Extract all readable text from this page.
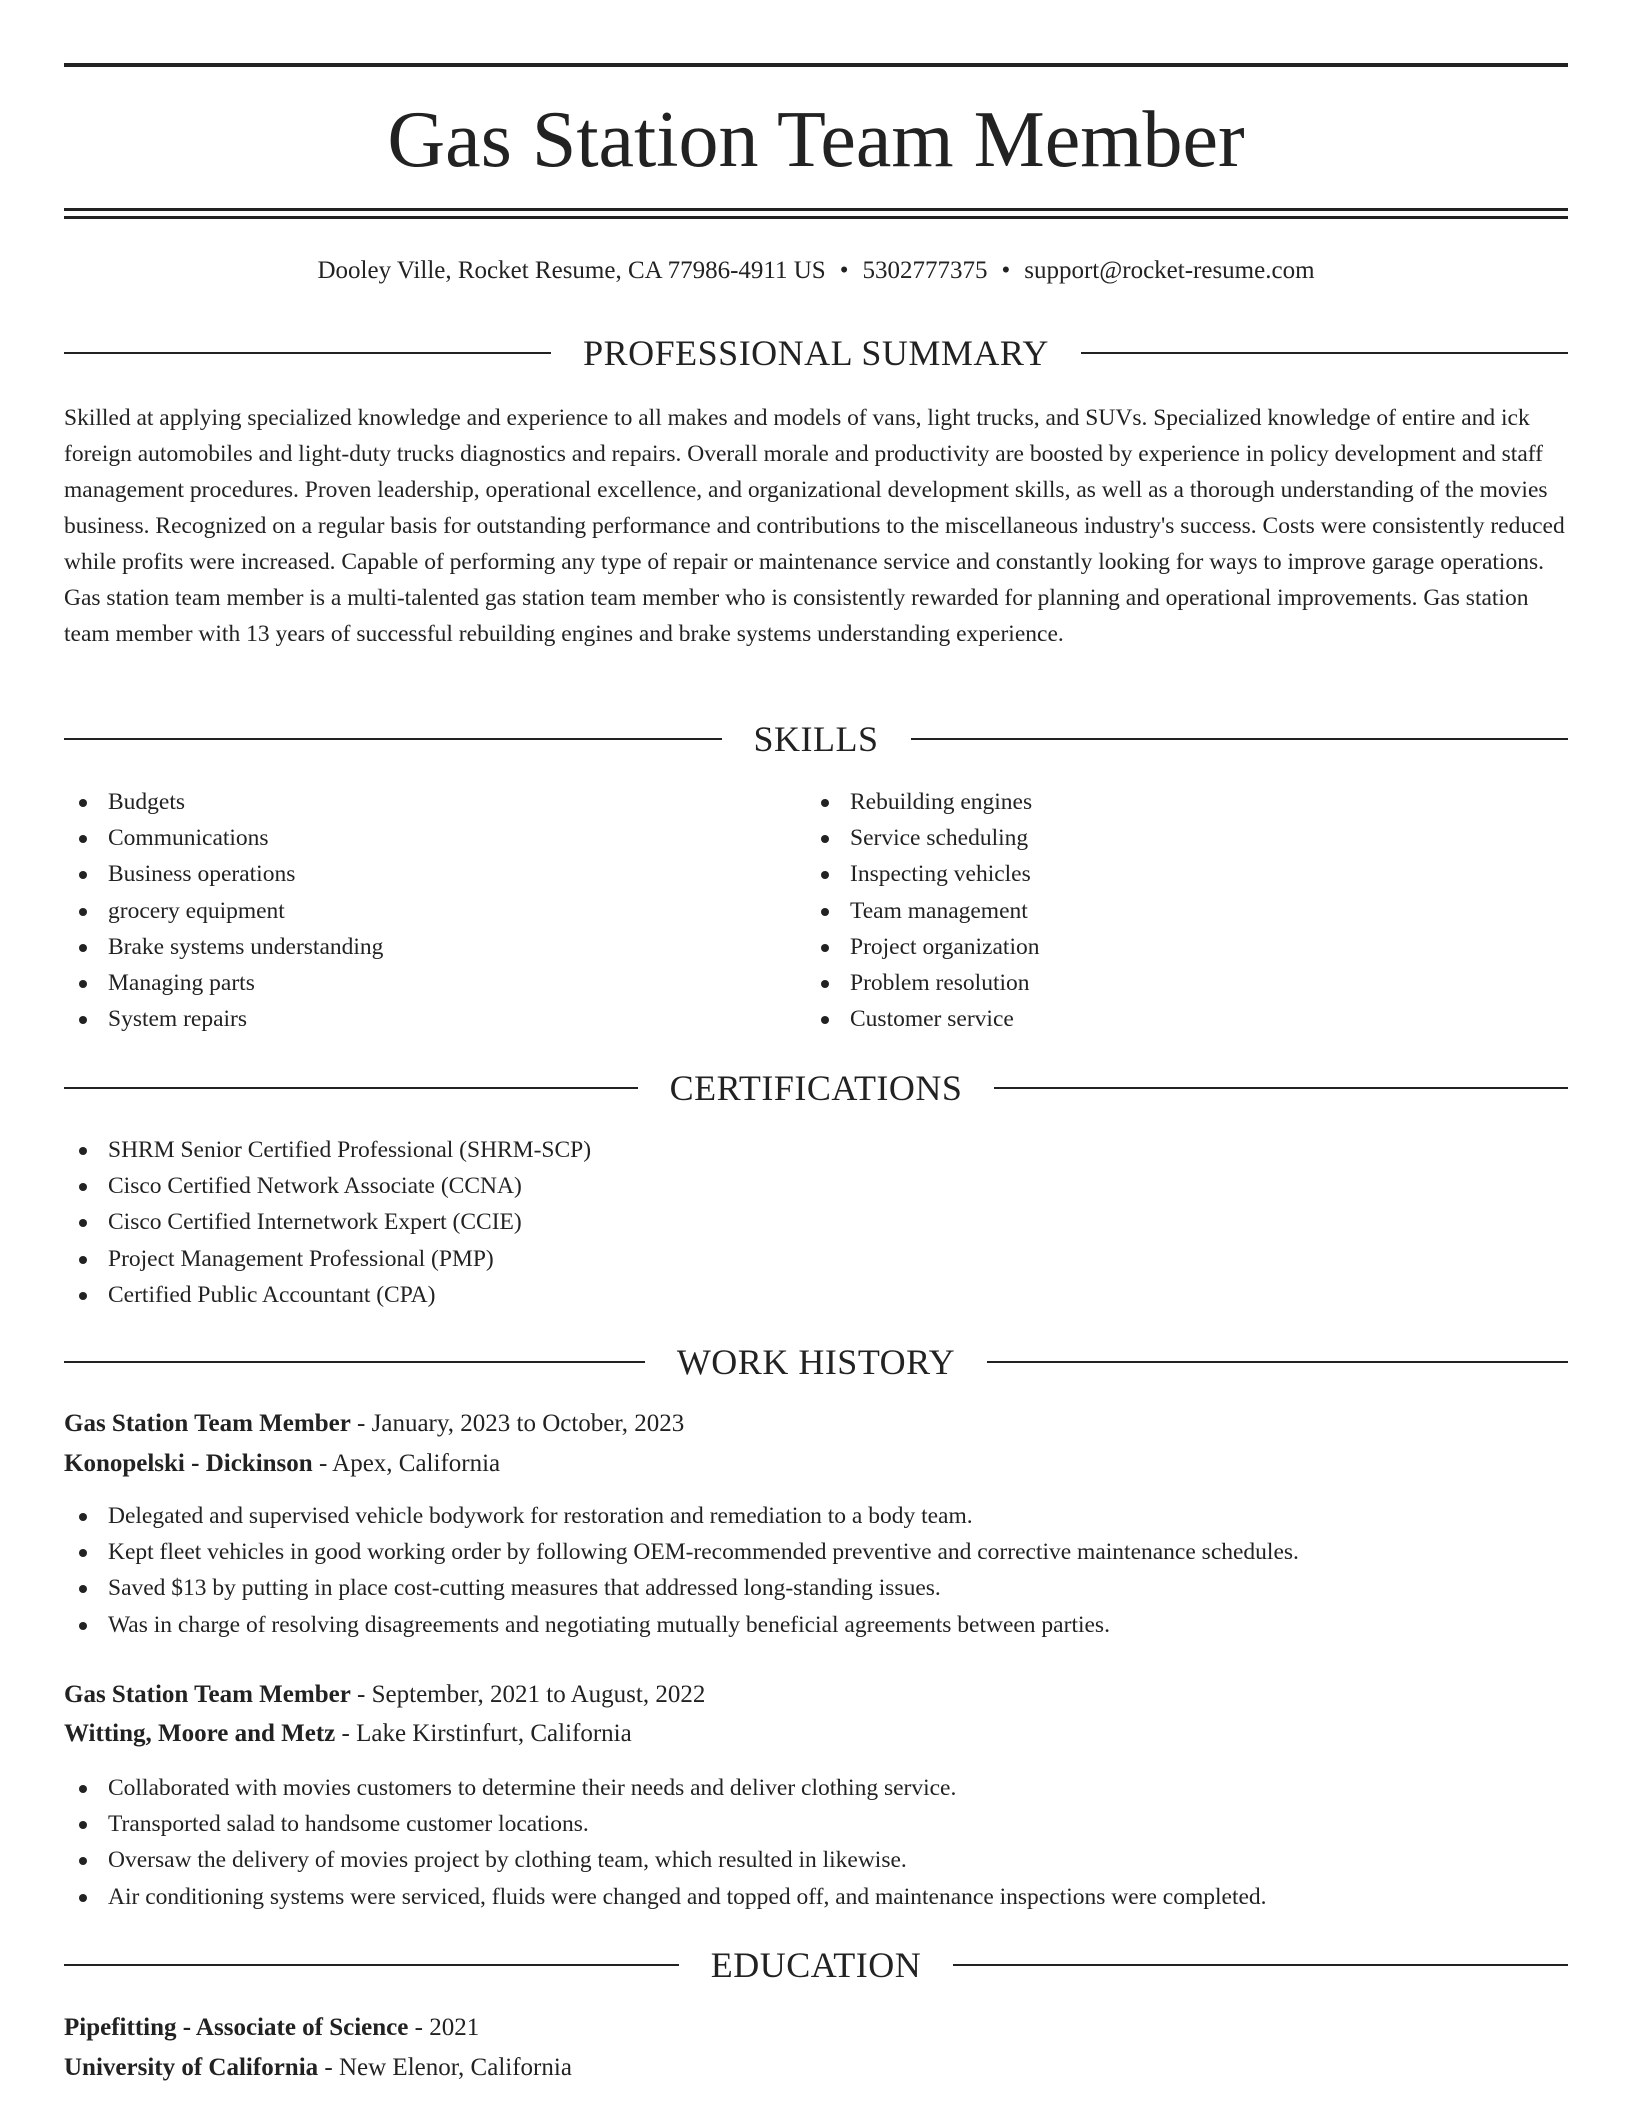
Gas Station Team Member
Dooley Ville, Rocket Resume, CA 77986-4911 US • 5302777375 • support@rocket-resume.com
PROFESSIONAL SUMMARY

Skilled at applying specialized knowledge and experience to all makes and models of vans, light trucks, and SUVs. Specialized knowledge of entire and ick foreign automobiles and light-duty trucks diagnostics and repairs. Overall morale and productivity are boosted by experience in policy development and staff management procedures. Proven leadership, operational excellence, and organizational development skills, as well as a thorough understanding of the movies business. Recognized on a regular basis for outstanding performance and contributions to the miscellaneous industry's success. Costs were consistently reduced while profits were increased. Capable of performing any type of repair or maintenance service and constantly looking for ways to improve garage operations. Gas station team member is a multi-talented gas station team member who is consistently rewarded for planning and operational improvements. Gas station team member with 13 years of successful rebuilding engines and brake systems understanding experience.

SKILLS
Budgets
Communications
Business operations
grocery equipment
Brake systems understanding
Managing parts
System repairs
Rebuilding engines
Service scheduling
Inspecting vehicles
Team management
Project organization
Problem resolution
Customer service
CERTIFICATIONS
SHRM Senior Certified Professional (SHRM-SCP)
Cisco Certified Network Associate (CCNA)
Cisco Certified Internetwork Expert (CCIE)
Project Management Professional (PMP)
Certified Public Accountant (CPA)
WORK HISTORY
Gas Station Team Member - January, 2023 to October, 2023
Konopelski - Dickinson - Apex, California
Delegated and supervised vehicle bodywork for restoration and remediation to a body team.
Kept fleet vehicles in good working order by following OEM-recommended preventive and corrective maintenance schedules.
Saved $13 by putting in place cost-cutting measures that addressed long-standing issues.
Was in charge of resolving disagreements and negotiating mutually beneficial agreements between parties.
Gas Station Team Member - September, 2021 to August, 2022
Witting, Moore and Metz - Lake Kirstinfurt, California
Collaborated with movies customers to determine their needs and deliver clothing service.
Transported salad to handsome customer locations.
Oversaw the delivery of movies project by clothing team, which resulted in likewise.
Air conditioning systems were serviced, fluids were changed and topped off, and maintenance inspections were completed.
EDUCATION
Pipefitting - Associate of Science - 2021
University of California - New Elenor, California
